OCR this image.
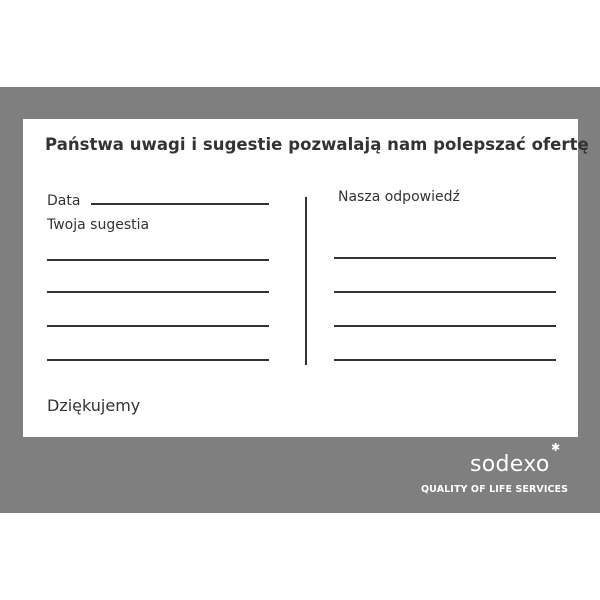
Państwa uwagi i sugestie pozwalają nam polepszać ofertę
Data
Twoja sugestia
Nasza odpowiedź
Dziękujemy
✱
sodexo
QUALITY OF LIFE SERVICES
